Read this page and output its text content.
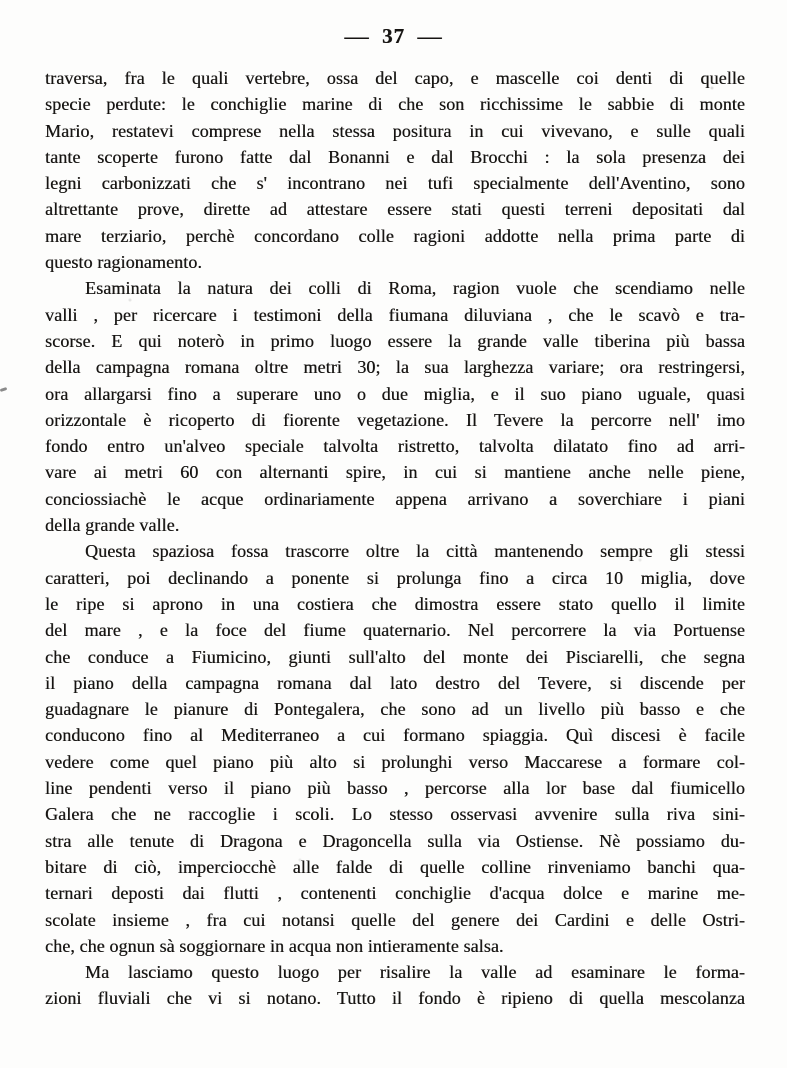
— 37 —
traversa, fra le quali vertebre, ossa del capo, e mascelle coi denti di quelle
specie perdute: le conchiglie marine di che son ricchissime le sabbie di monte
Mario, restatevi comprese nella stessa positura in cui vivevano, e sulle quali
tante scoperte furono fatte dal Bonanni e dal Brocchi : la sola presenza dei
legni carbonizzati che s' incontrano nei tufi specialmente dell'Aventino, sono
altrettante prove, dirette ad attestare essere stati questi terreni depositati dal
mare terziario, perchè concordano colle ragioni addotte nella prima parte di
questo ragionamento.
Esaminata la natura dei colli di Roma, ragion vuole che scendiamo nelle
valli , per ricercare i testimoni della fiumana diluviana , che le scavò e tra-
scorse. E qui noterò in primo luogo essere la grande valle tiberina più bassa
della campagna romana oltre metri 30; la sua larghezza variare; ora restringersi,
ora allargarsi fino a superare uno o due miglia, e il suo piano uguale, quasi
orizzontale è ricoperto di fiorente vegetazione. Il Tevere la percorre nell' imo
fondo entro un'alveo speciale talvolta ristretto, talvolta dilatato fino ad arri-
vare ai metri 60 con alternanti spire, in cui si mantiene anche nelle piene,
conciossiachè le acque ordinariamente appena arrivano a soverchiare i piani
della grande valle.
Questa spaziosa fossa trascorre oltre la città mantenendo sempre gli stessi
caratteri, poi declinando a ponente si prolunga fino a circa 10 miglia, dove
le ripe si aprono in una costiera che dimostra essere stato quello il limite
del mare , e la foce del fiume quaternario. Nel percorrere la via Portuense
che conduce a Fiumicino, giunti sull'alto del monte dei Pisciarelli, che segna
il piano della campagna romana dal lato destro del Tevere, si discende per
guadagnare le pianure di Pontegalera, che sono ad un livello più basso e che
conducono fino al Mediterraneo a cui formano spiaggia. Quì discesi è facile
vedere come quel piano più alto si prolunghi verso Maccarese a formare col-
line pendenti verso il piano più basso , percorse alla lor base dal fiumicello
Galera che ne raccoglie i scoli. Lo stesso osservasi avvenire sulla riva sini-
stra alle tenute di Dragona e Dragoncella sulla via Ostiense. Nè possiamo du-
bitare di ciò, imperciocchè alle falde di quelle colline rinveniamo banchi qua-
ternari deposti dai flutti , contenenti conchiglie d'acqua dolce e marine me-
scolate insieme , fra cui notansi quelle del genere dei Cardini e delle Ostri-
che, che ognun sà soggiornare in acqua non intieramente salsa.
Ma lasciamo questo luogo per risalire la valle ad esaminare le forma-
zioni fluviali che vi si notano. Tutto il fondo è ripieno di quella mescolanza
